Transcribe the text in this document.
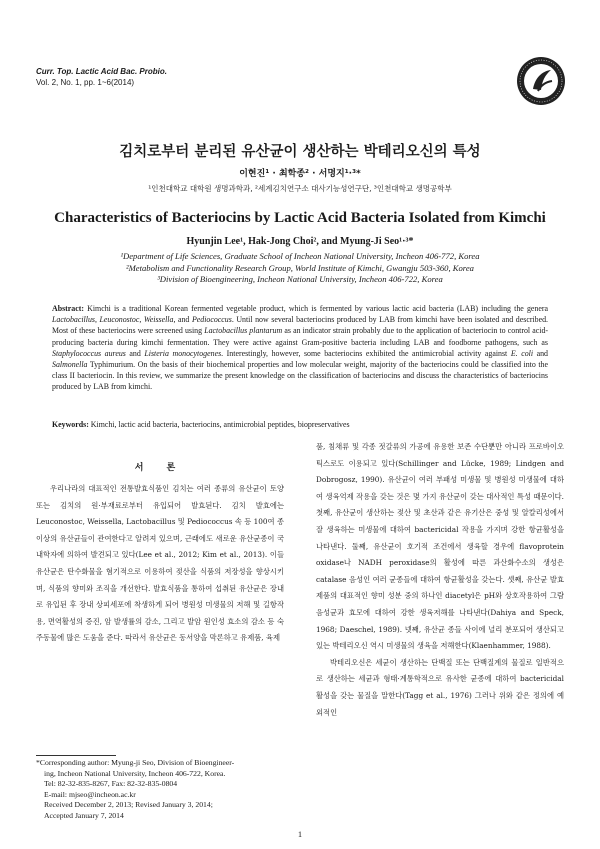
Curr. Top. Lactic Acid Bac. Probio.
Vol. 2, No. 1, pp. 1~6(2014)
김치로부터 분리된 유산균이 생산하는 박테리오신의 특성
이현진¹ · 최학종² · 서명지¹·³*
¹인천대학교 대학원 생명과학과, ²세계김치연구소 대사기능성연구단, ³인천대학교 생명공학부
Characteristics of Bacteriocins by Lactic Acid Bacteria Isolated from Kimchi
Hyunjin Lee¹, Hak-Jong Choi², and Myung-Ji Seo¹·³*
¹Department of Life Sciences, Graduate School of Incheon National University, Incheon 406-772, Korea
²Metabolism and Functionality Research Group, World Institute of Kimchi, Gwangju 503-360, Korea
³Division of Bioengineering, Incheon National University, Incheon 406-722, Korea

Abstract: Kimchi is a traditional Korean fermented vegetable product, which is fermented by various lactic acid bacteria (LAB) including the genera Lactobacillus, Leuconostoc, Weissella, and Pediococcus. Until now several bacteriocins produced by LAB from kimchi have been isolated and described. Most of these bacteriocins were screened using Lactobacillus plantarum as an indicator strain probably due to the application of bacteriocin to control acid-producing bacteria during kimchi fermentation. They were active against Gram-positive bacteria including LAB and foodborne pathogens, such as Staphylococcus aureus and Listeria monocytogenes. Interestingly, however, some bacteriocins exhibited the antimicrobial activity against E. coli and Salmonella Typhimurium. On the basis of their biochemical properties and low molecular weight, majority of the bacteriocins could be classified into the class II bacteriocin. In this review, we summarize the present knowledge on the classification of bacteriocins and discuss the characteristics of bacteriocins produced by LAB from kimchi.

Keywords: Kimchi, lactic acid bacteria, bacteriocins, antimicrobial peptides, biopreservatives

서 론

우리나라의 대표적인 전통발효식품인 김치는 여러 종류의 유산균이 토양 또는 김치의 원·부재료로부터 유입되어 발효된다. 김치 발효에는 Leuconostoc, Weissella, Lactobacillus 및 Pediococcus 속 등 100여 종 이상의 유산균들이 관여한다고 알려져 있으며, 근래에도 새로운 유산균종이 국내학자에 의하여 발견되고 있다(Lee et al., 2012; Kim et al., 2013). 이들 유산균은 탄수화물을 혐기적으로 이용하여 젖산을 식품의 저장성을 향상시키며, 식품의 향미와 조직을 개선한다. 발효식품을 통하여 섭취된 유산균은 장내로 유입된 후 장내 상피세포에 착생하게 되어 병원성 미생물의 저해 및 길항작용, 면역활성의 증진, 암 발생률의 감소, 그리고 발암 원인성 효소의 감소 등 숙주동물에 많은 도움을 준다. 따라서 유산균은 동서양을 막론하고 유제품, 육제

품, 침채류 및 각종 젓갈류의 가공에 유용한 보존 수단뿐만 아니라 프로바이오틱스로도 이용되고 있다(Schillinger and Lücke, 1989; Lindgen and Dobrogosz, 1990). 유산균이 여러 부패성 미생물 및 병원성 미생물에 대하여 생육억제 작용을 갖는 것은 몇 가지 유산균이 갖는 대사적인 특성 때문이다. 첫째, 유산균이 생산하는 젖산 및 초산과 같은 유기산은 중성 및 알칼리성에서 잘 생육하는 미생물에 대하여 bactericidal 작용을 가지며 강한 항균활성을 나타낸다. 둘째, 유산균이 호기적 조건에서 생육할 경우에 flavoprotein oxidase나 NADH peroxidase의 활성에 따른 과산화수소의 생성은 catalase 음성인 여러 균종들에 대하여 항균활성을 갖는다. 셋째, 유산균 발효제품의 대표적인 향미 성분 중의 하나인 diacetyl은 pH와 상호작용하여 그람 음성균과 효모에 대하여 강한 생육저해를 나타낸다(Dahiya and Speck, 1968; Daeschel, 1989). 넷째, 유산균 종들 사이에 널리 분포되어 생산되고 있는 박테리오신 역시 미생물의 생육을 저해한다(Klaenhammer, 1988).

박테리오신은 세균이 생산하는 단백질 또는 단백질계의 물질로 일반적으로 생산하는 세균과 형태·계통학적으로 유사한 균종에 대하여 bactericidal 활성을 갖는 물질을 말한다(Tagg et al., 1976) 그러나 위와 같은 정의에 예외적인

*Corresponding author: Myung-ji Seo, Division of Bioengineer-
ing, Incheon National University, Incheon 406-722, Korea.
Tel: 82-32-835-8267, Fax: 82-32-835-0804
E-mail: mjseo@incheon.ac.kr
Received December 2, 2013; Revised January 3, 2014;
Accepted January 7, 2014
1
